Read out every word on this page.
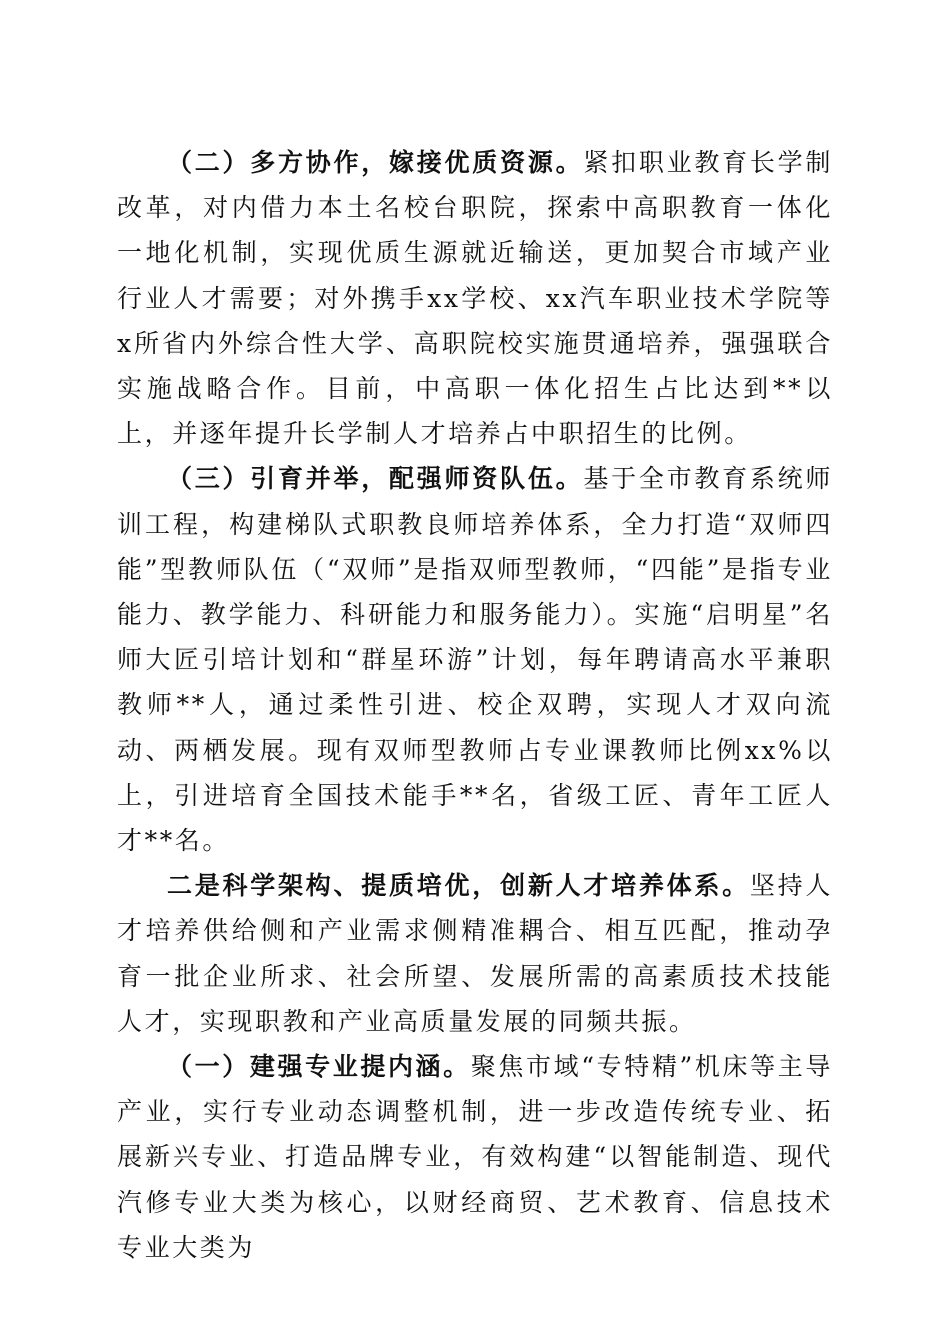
（二）多方协作，嫁接优质资源。紧扣职业教育长学制改革，对内借力本土名校台职院，探索中高职教育一体化一地化机制，实现优质生源就近输送，更加契合市域产业行业人才需要；对外携手xx学校、xx汽车职业技术学院等x所省内外综合性大学、高职院校实施贯通培养，强强联合实施战略合作。目前，中高职一体化招生占比达到**以上，并逐年提升长学制人才培养占中职招生的比例。

（三）引育并举，配强师资队伍。基于全市教育系统师训工程，构建梯队式职教良师培养体系，全力打造“双师四能”型教师队伍（“双师”是指双师型教师，“四能”是指专业能力、教学能力、科研能力和服务能力）。实施“启明星”名师大匠引培计划和“群星环游”计划，每年聘请高水平兼职教师**人，通过柔性引进、校企双聘，实现人才双向流动、两栖发展。现有双师型教师占专业课教师比例xx%以上，引进培育全国技术能手**名，省级工匠、青年工匠人才**名。

二是科学架构、提质培优，创新人才培养体系。坚持人才培养供给侧和产业需求侧精准耦合、相互匹配，推动孕育一批企业所求、社会所望、发展所需的高素质技术技能人才，实现职教和产业高质量发展的同频共振。

（一）建强专业提内涵。聚焦市域“专特精”机床等主导产业，实行专业动态调整机制，进一步改造传统专业、拓展新兴专业、打造品牌专业，有效构建“以智能制造、现代汽修专业大类为核心，以财经商贸、艺术教育、信息技术专业大类为
